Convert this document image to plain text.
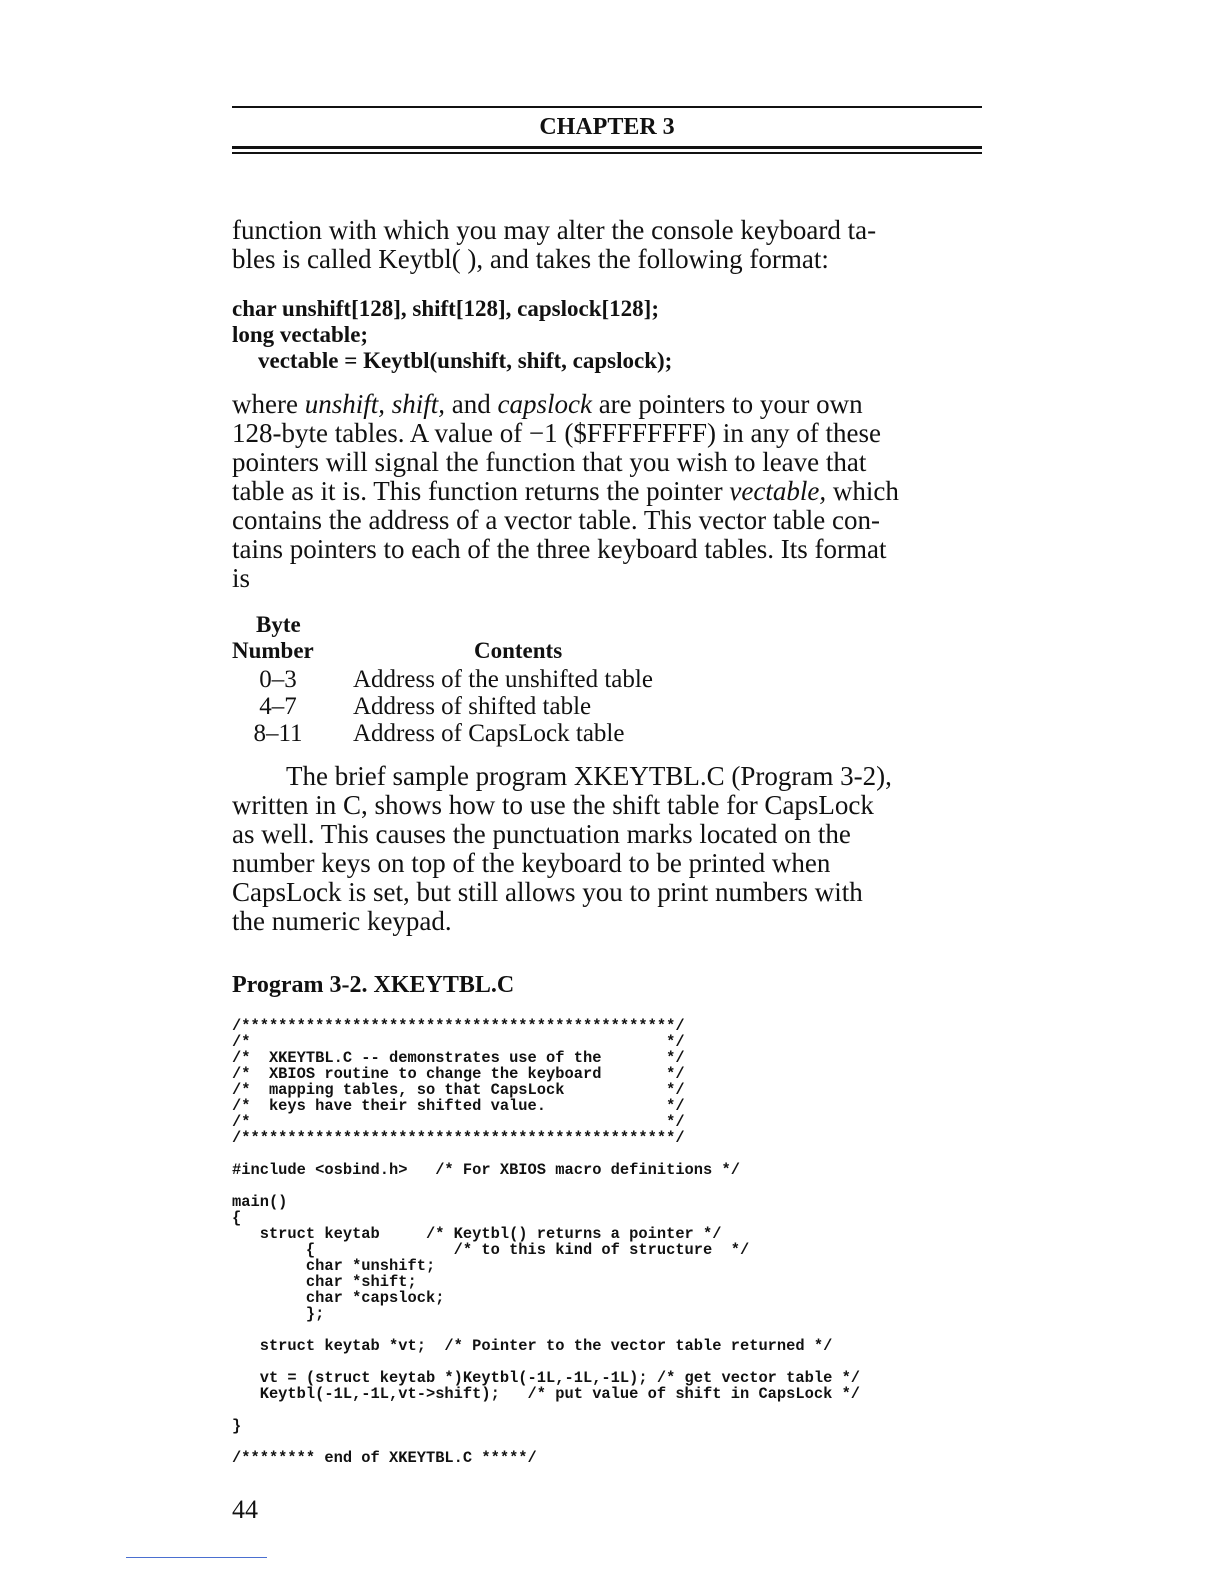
CHAPTER 3

function with which you may alter the console keyboard ta-
bles is called Keytbl( ), and takes the following format:

char unshift[128], shift[128], capslock[128];
long vectable;
vectable = Keytbl(unshift, shift, capslock);

where unshift, shift, and capslock are pointers to your own
128-byte tables. A value of −1 ($FFFFFFFF) in any of these
pointers will signal the function that you wish to leave that
table as it is. This function returns the pointer vectable, which
contains the address of a vector table. This vector table con-
tains pointers to each of the three keyboard tables. Its format
is

Byte
Number	Contents
0–3	Address of the unshifted table
4–7	Address of shifted table
8–11	Address of CapsLock table

The brief sample program XKEYTBL.C (Program 3-2),
written in C, shows how to use the shift table for CapsLock
as well. This causes the punctuation marks located on the
number keys on top of the keyboard to be printed when
CapsLock is set, but still allows you to print numbers with
the numeric keypad.

Program 3-2. XKEYTBL.C
/***********************************************/
/*                                             */
/*  XKEYTBL.C -- demonstrates use of the       */
/*  XBIOS routine to change the keyboard       */
/*  mapping tables, so that CapsLock           */
/*  keys have their shifted value.             */
/*                                             */
/***********************************************/

#include <osbind.h>   /* For XBIOS macro definitions */

main()
{
struct keytab     /* Keytbl() returns a pointer */
{               /* to this kind of structure  */
char *unshift;
char *shift;
char *capslock;
};

struct keytab *vt;  /* Pointer to the vector table returned */

vt = (struct keytab *)Keytbl(-1L,-1L,-1L); /* get vector table */
Keytbl(-1L,-1L,vt->shift);   /* put value of shift in CapsLock */

}

/******** end of XKEYTBL.C *****/
44
